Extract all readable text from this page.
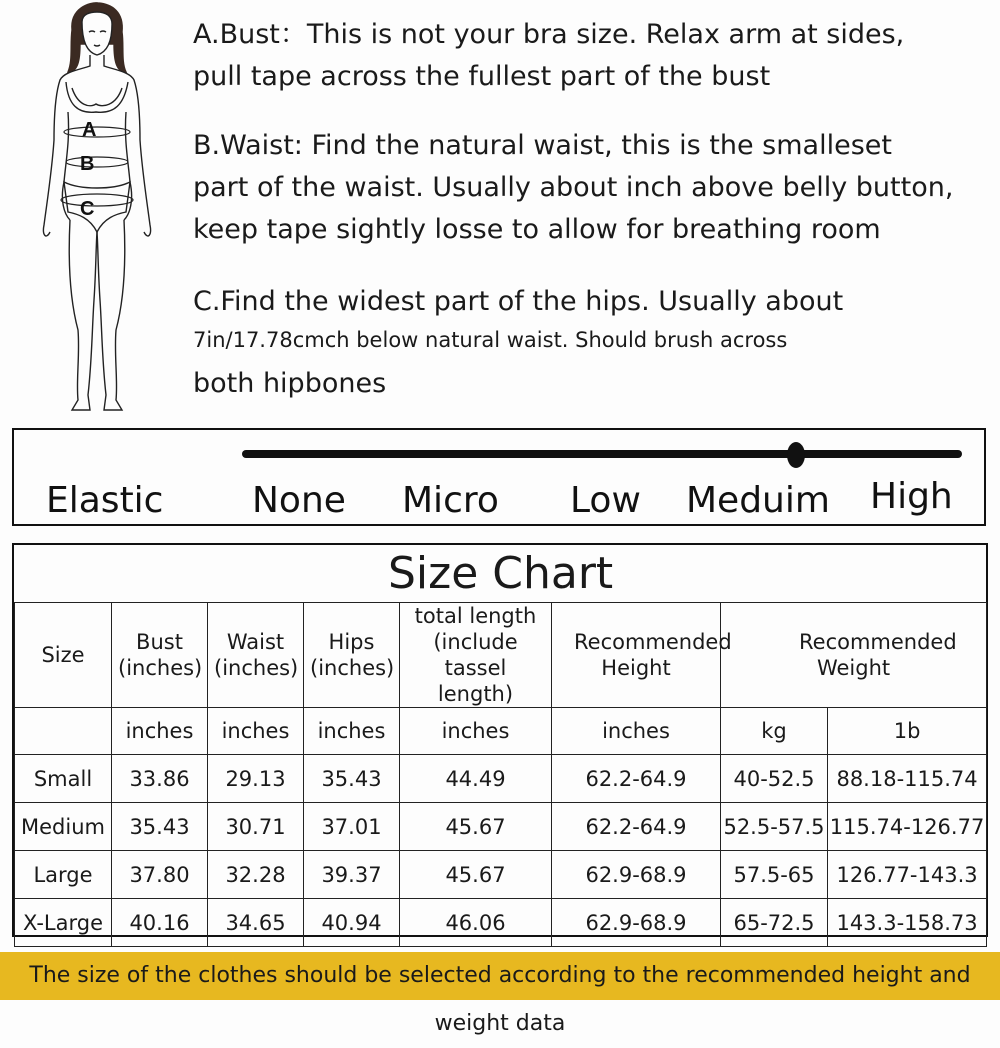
A
B
C
A.Bust：This is not your bra size. Relax arm at sides,
pull tape across the fullest part of the bust
B.Waist: Find the natural waist, this is the smalleset
part of the waist. Usually about inch above belly button,
keep tape sightly losse to allow for breathing room
C.Find the widest part of the hips. Usually about
7in/17.78cmch below natural waist. Should brush across
both hipbones
Elastic None Micro Low Meduim High
Size Chart							
Size	Bust (inches)	Waist (inches)	Hips (inches)	total length (include tassel length)	Recommended Height	Recommended Weight	
	inches	inches	inches	inches	inches	kg	1b
Small	33.86	29.13	35.43	44.49	62.2-64.9	40-52.5	88.18-115.74
Medium	35.43	30.71	37.01	45.67	62.2-64.9	52.5-57.5	115.74-126.77
Large	37.80	32.28	39.37	45.67	62.9-68.9	57.5-65	126.77-143.3
X-Large	40.16	34.65	40.94	46.06	62.9-68.9	65-72.5	143.3-158.73
The size of the clothes should be selected according to the recommended height and weight data
